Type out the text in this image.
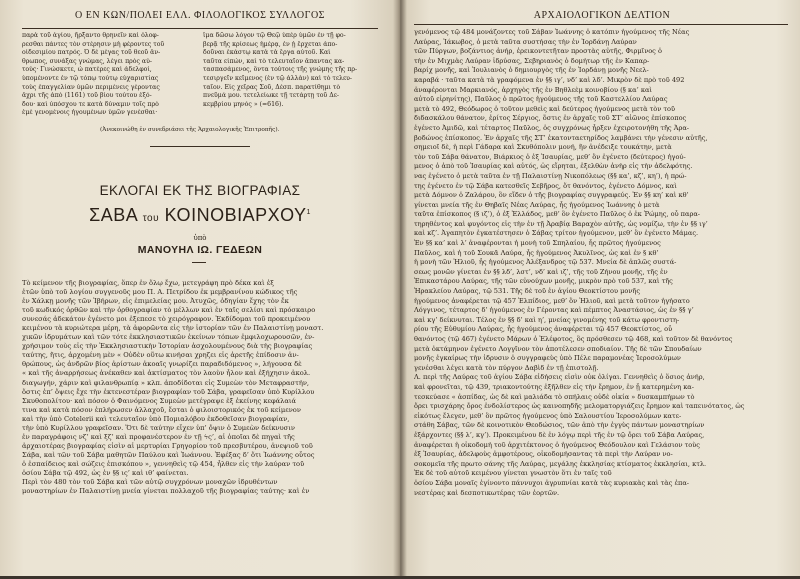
Ο ΕΝ ΚΩΝ/ΠΟΛΕΙ ΕΛΛ. ΦΙΛΟΛΟΓΙΚΟΣ ΣΥΛΛΟΓΟΣ
παρὰ τοῦ ἁγίου, ἤρξαντο θρηνεῖν καὶ ὀλοφ-
ρεσθαι πάντες τὸν στέρησιν μὴ φέροντες τοῦ
οἰδεσιμίου πατρός. Ὁ δὲ μέγας τοῦ θεοῦ ἄν-
θρωπος, συνάξας γνώμας, λέγει πρὸς αὐ-
τούς· Γινώσκετε, ὦ πατέρες καὶ ἀδελφοί,
ὑπομένοντε ἐν τῷ τόπῳ τούτῳ εὐχαριστίας
τοὺς ἐπαγγελίαν ὑμῶν περιμένεις γέροντας
ἄχρι τῆς ἀπὸ (1161) τοῦ βίου τούτου ἐξό-
δου· καὶ ὑπόσχου τε κατὰ δύναμιν τοῖς πρὸ
ἐμὲ γενομένοις ἡγουμένων ὑμῶν γενέσθαι·
ἵμα δῶσω λόγον τῷ Θεῷ ὑπὲρ ὑμῶν ἐν τῇ φο-
βερᾷ τῆς κρίσεως ἡμέρᾳ, ἐν ᾗ ἔρχεται ἀπο-
δοῦναι ἑκάστῳ κατὰ τὰ ἔργα αὐτοῦ. Καὶ
ταῦτα εἰπών, καὶ τὸ τελευταῖον ἅπαντας κα-
τασπασάμενος, ὅντα τούτοις τῆς γνώμης τῆς πρ-
τεσιργεῖν κεῖμενος (ἐν τῷ ἀλλὰν) καὶ τὸ τελευ-
ταῖον. Εἷς χεῖρας Σοῦ, Δέσπ. παρατίθημι τὸ
πνεῦμά μου. τετελείωκε τῇ τετάρτῃ τοῦ Δε-
κεμβρίου μηνός » (=616).
(Ἀνεκοινώθη ἐν συνεδριάσει τῆς Ἀρχαιολογικῆς Ἐπιτροπῆς).
ΕΚΛΟΓΑΙ ΕΚ ΤΗΣ ΒΙΟΓΡΑΦΙΑΣ
ΣΑΒΑ του ΚΟΙΝΟΒΙΑΡΧΟΥ$^1$
ὑπὸ
ΜΑΝΟΥΗΛ ΙΩ. ΓΕΔΕΩΝ
Τὸ κείμενον τῆς βιογραφίας, ὅπερ ἐν ὅλῳ ἔχω, μετεγράφη πρὸ δέκα καὶ ἐξ
ἐτῶν ὑπὸ τοῦ λογίου συγγενοῦς μου Π. Α. Πετρίδου ἐκ μεμβρανίνου κώδικος τῆς
ἐν Χάλκῃ μονῆς τῶν Ἰβήρων, εἰς ἐπιμελείας μου. Ἀτυχῶς, ὁδηγίαν ἔχης τὸν ἔκ
τοῦ κωδικός ὁρθῶν καὶ τὴν ὀρθογραφίαν τὸ μέλλων καὶ ἐν ταῖς σελίσι καὶ πρόσκαιρο
συνεσάς ἀδεκάτον ἐγένετο μοι ἐξεπεσε τὸ χειρόγραφον. Ἐκδίδομαι τοῦ προκειμένου
κειμένου τὰ κυριώτερα μέρη, τὰ ἀφορῶντα εἰς τὴν ἱστορίαν τῶν ἐν Παλαιστίνῃ μοναστ.
χικῶν ἱδρυμάτων καὶ τῶν τότε ἐκκλησιαστικῶν ἐκείνων τόπων ἐμφιλοχωρουσῶν, ἐν-
χρήσιμον τοὺς εἰς τὴν Ἐκκλησιαστικὴν Ἱστορίαν ἀσχολουμένους διὰ τὴς βιογραφίας
ταύτης, ἥτις, ἀρχομένη μὲν « Οὐδὲν οὕτω κινήσαι χρηζει εἰς ἀρετῆς ἐπίδοσιν ἀν-
θρώπους, ὡς ἀνδρῶν βίος ἀρίστων ἀκοαῖς γνωρίζει παραδιδόμενος », λήγουσα δὲ
« καὶ τῆς ἀναρρήσεως ἀνέκαθεν καὶ ἀκτίσματος τὸν λαοὺν ἦλον καὶ ἐξήχησιν ἀκολ.
διαγωγήν, χάριν καὶ φιλανθρωπίᾳ » κλπ. ἀποδίδοται εἰς Συμεὼν τὸν Μεταφραστήν,
ὅστις ἐπ’ ὄψεις ἔχε τὴν ἐκτενεστέραν βιογραφίαν τοῦ Σάβα, γραφεῖσαν ὑπὸ Κυρίλλου
Σκυθοπολίτου· καὶ πόσον ὁ Φαινόμενος Συμεὼν μετέγραψε ἐξ ἐκείνης κεφάλαιά
τινα καὶ κατὰ πόσον ἐπλήρωσεν ἀλλαχοῦ, ἔσται ὁ φιλοιστορικός ἐκ τοῦ κείμενον
καὶ τὴν ὑπὸ Cotelerii καὶ τελευταῖον ὑπὸ Πομιαλόβου ἐκδοθεῖσαν βιογραφίαν,
τὴν ὑπὸ Κυρίλλου γραφεῖσαν. Ὅτι δὲ ταύτην εἶχεν ὑπ’ ὄψιν ὁ Συμεὼν δείκνυσιν
ἐν παραγράφοις νζ’ καὶ ξζ’ καὶ προφανέστερον ἐν τῇ ϟς’, αἱ ὁποῖαι δὲ πηγαὶ τῆς
ἀρχαιοτέρας βιογραφίας εἰσὶν αἱ μερτυρίαι Γρηγορίου τοῦ πρεσβυτέρου, ἀνεψιοῦ τοῦ
Σάβα, καὶ τῶν τοῦ Σάβα μαθητῶν Παύλου καὶ Ἰωάννου. Ἐφέξας δ’ ὅτι Ἰωάννης οὗτος
ὁ ἐσπαίδειος καὶ σώζεις ἐπισκόπου », γεννηθεὶς τῷ 454, ἦλθεν εἰς τὴν λαύραν τοῦ
ὁσίου Σάβα τῷ 492, ὡς ἐν §§ ις’ καὶ ιθ’ φαίνεται.
Περὶ τὸν 480 τὸν τοῦ Σάβα καὶ τῶν αὐτῷ συγχρόνων μοναχῶν ἱδρυθέντων
μοναστηρίων ἐν Παλαιστίνῃ μνεία γίνεται πολλαχοῦ τῆς βιογραφίας ταύτης· καὶ ἐν
ΑΡΧΑΙΟΛΟΓΙΚΟΝ ΔΕΛΤΙΟΝ
γενόμενος τῷ 484 μονάζοντες τοῦ Σάβαν Ἰωάννης ὁ κατόπιν ἡγούμενος τῆς Νέας
Λαύρας, Ἰάκωβος, ὁ μετὰ ταῦτα συστήσας τὴν ἐν Ἰορδάνῃ Λαύραν
τῶν Πύργων, βοζάντιος ἀνήρ, ἐρεικοντετῆταν προστὰς αὐτῆς, Φιρμῖνος ὁ
τὴν ἐν Μιχμὰς Λαύραν ἱδρύσας, Σεβηριανὸς ὁ δομήτωρ τῆς ἐν Καπαρ-
βαρίχ μονῆς, καὶ Ἰουλιανὸς ὁ δημιουργὸς τῆς ἐν Ἰορδάνῃ μονῆς Νεελ-
καραβά · ταῦτα κατὰ τὰ γραφόμενα ἐν §§ ιγ’, νδ’ καὶ λδ’. Μικρὸν δὲ πρὸ τοῦ 492
ἀναφέρονται Μαρκιανός, ἀρχηγὸς τῆς ἐν Βηθλεὲμ κοινοβίου (§ κα’ καὶ
αὐτοῦ εἰρηνίτης), Παῦλος ὁ πρῶτος ἡγούμενος τῆς τοῦ Καστελλίου Λαύρας
μετὰ τὸ 492, Θεόδωρος ὁ τοῦτον μεθεὶς καὶ δεύτερος ἡγούμενος μετὰ τὸν τοῦ
διδασκάλου θάνατον, ἐρίτος Σέργιος, ὅστις ἐν ἀρχαῖς τοῦ ΣΤ’ αἰῶνος ἐπίσκοπος
ἐγένετο Ἀμιδῶ, καὶ τέταρτος Παῦλος, ὁς συγχρόνως ἦρξεν ἐχειροτονήθη τῆς Ἀρα-
βοδώνος ἐπίσκοπος. Ἐν ἀρχαῖς τῆς ΣΤ’ ἑκατονταετηρίδος λαμβάνει τὴν γένεσιν αὐτῆς,
σημειοῖ δὲ, ἡ περὶ Γάδαρα καὶ Σκυθόπολιν μονή, ἣν ἀνέδειξε τουκάτην, μετὰ
τὸν τοῦ Σάβα θάνατον, Βιάρκιος ὁ ἐξ Ἰσαυρίας, μεθ’ ὃν ἐγένετο (δεύτερος) ἡγού-
μενος ὁ ἀπὸ τοῦ Ἰσαυρίας καὶ αὐτός, ὡς εἴρηται, ἐξελθὼν ἀνὴρ εἰς τὴν ἀδελφότης.
νας ἐγένετο ὁ μετὰ ταῦτα ἐν τῇ Παλαιστίνῃ Νικοπόλεως (§§ κα’, κζ’, κη’), ἡ πρώ-
της ἐγένετο ἐν τῷ Σάβα κατεσθεῖς Σεβῆρος, ὅτ θανόντος, ἐγένετο Δόμνος, καὶ
μετὰ Δόμνον ὁ Ζαλάρου, ὃν εἴδεν ὁ τῆς βιογραφίας συγγραφεύς. Ἐν §§ κη’ καὶ κθ’
γίνεται μνεία τῆς ἐν Θηβαῖς Νέας Λαύρας, ἧς ἡγούμενος Ἰωάννης ὁ μετὰ
ταῦτα ἐπίσκοπος (§ ιζ’), ὁ ἐξ Ἑλλάδος, μεθ’ ὃν ἐγένετο Παῦλος ὁ ἐκ Ῥώμης, οὗ παρα-
τηρηθέντος καὶ φυγόντος εἰς τὴν ἐν τῇ Ἀραβίᾳ Βαραχὸν αὐτῆς, ὡς νομίζω, τὴν ἐν §§ ιγ’
καὶ κζ’. Ἀγαπητὸν ἐγκατέστησεν ὁ Σάβας τρίτον ἡγούμενον, μεθ’ ὃν ἐγένετο Μάμας.
Ἐν §§ κα’ καὶ λ’ ἀναφέρονται ἡ μονὴ τοῦ Σπηλαίου, ἧς πρῶτος ἡγούμενος
Παῦλος, καὶ ἡ τοῦ Σουκᾶ Λαύρα, ἧς ἡγούμενος Ἀκυλῖνος, ὡς καὶ ἐν § κθ’
ἡ μονὴ τῶν Ἡλιοῦ, ἧς ἡγούμενος Ἀλέξανδρος τῷ 537. Μνεία δὲ ἀπλῶς συστά-
σεως μονῶν γίνεται ἐν §§ λδ’, λστ’, νδ’ καὶ ιζ’, τῆς τοῦ Ζήνου μονῆς, τῆς ἐν
Ἐπικαστάρου Λαύρας, τῆς τῶν εὐνούχων μονῆς, μικρὸν πρὸ τοῦ 537, καὶ τῆς
Ἡρακλείου Λαύρας, τῷ 531. Τῆς δὲ τοῦ ἐν ἁγίου Θεοκτίστου μονῆς
ἡγούμενος ἀναφέρεται τῷ 457 Ἐλπίδιος, μεθ’ ὃν Ἠλιοῦ, καὶ μετὰ τοῦτον ἡγήσατο
Λόγγινος, τέταρτος δ’ ἡγούμενος ἐν Γέροντας καὶ πέμπτος Ἀναστάσιος, ὡς ἐν §§ γ’
καὶ κγ’ δείκνυται. Τέλος ἐν §§ δ’ καὶ η’, μνείας γινομένης τοῦ κάτω φροντιστη-
ρίου τῆς Εὐθυμίου Λαύρας, ἧς ἡγούμενος ἀναφέρεται τῷ 457 Θεοκτίστος, οὗ
θανόντος (τῷ 467) ἐγένετο Μάρων ὁ Ἐλέφοτος, ὃς πρόσθεσεν τῷ 468, καὶ τοῦτον δὲ θανόντος
μετὰ ὀκτάμηνον ἐγένετο Λογγῖνον τὸν ἀποτέλεσεν σποδιαίον. Τῆς δὲ τῶν Σπουδαίων
μονῆς ἐγκαίρως τὴν ἱδρυσιν ὁ συγγραφεὺς ὑπὸ Πέλε παραμονέας Ἱεροσολύμων
γενέσθαι λέγει κατὰ τὸν πύργον Δαβὶδ ἐν τῇ ἐπιστολῇ.
Λ. περὶ τῆς Λαύρας τοῦ ἁγίου Σάβα εἰδήσεις εἰσὶν οὐκ ὀλίγαι. Γεννηθεὶς ὁ ὅσιος ἀνήρ,
καὶ φρονεῖται, τῷ 439, τριακοντούτης ἐξῆλθεν εἰς τὴν ἔρημον, ἐν ᾗ κατερημένη κα-
τεσκεύασε « ἀσπίδας, ὡς δὲ καὶ μαλιάδα τὸ σπήλαις οὐδὲ οἰκία » δυσκαμπήμων τὸ
ὄρει τρισχάρης ὄρος ἐνδολίστερος ὡς καινοπηδῆς μελοματοργιάζεις ἔρημον καὶ ταπεινότατος, ὡς
εἰκότως ἔλεγεν, μεθ’ ὃν πρῶτος ἡγούμενος ὑπὸ Σαλουστίου Ἱεροσολύμων κατε-
στάθη Σάβας, τῶν δὲ κοινοτικὸν Θεοδώσιος, τῶν ἀπὸ τὴν ἐγγὺς πάντων μοναστηρίων
ἐξάρχοντες (§§ λ’, κγ’). Προκειμένου δὲ ἐν λόγῳ περὶ τῆς ἐν τῷ ὄρει τοῦ Σάβα Λαύρας,
ἀναφέρεται ἡ οἰκοδομή τοῦ ἀρχιτέκτονος ὁ ἡγούμενος Θεόδουλον καὶ Γελάσιον τοὺς
ἐξ Ἰσαυρίας, ἀδελφοὺς ἀμφοτέρους, οἰκοδομήσαντας τὰ περὶ τὴν Λαύραν νο-
σοκομεῖα τῆς πρωτο σάνης τῆς Λαύρας, μεγάλης ἐκκλησίας κτίσματος ἐκκλησίαι, κτλ.
Ἐκ δὲ τοῦ αὐτοῦ κειμένου γίνεται γνωστὸν ὅτι ἐν ταῖς τοῦ
ὁσίου Σάβα μοναῖς ἐγίνοντο πάννυχοι ἀγρυπνίαι κατὰ τὰς κυριακὰς καὶ τὰς ἐπα-
νεστέρας καὶ δεσποτικωτέρας τῶν ἑορτῶν.
